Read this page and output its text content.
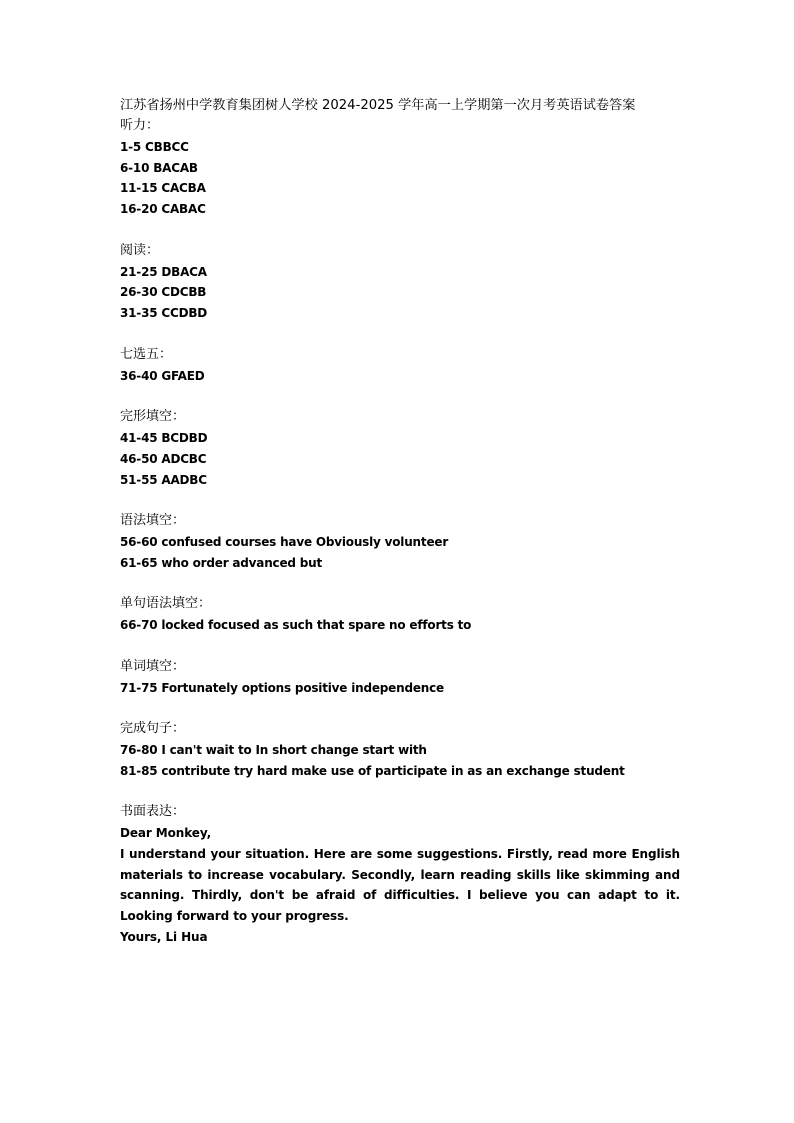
江苏省扬州中学教育集团树人学校 2024-2025 学年高一上学期第一次月考英语试卷答案

听力：

1-5 CBBCC

6-10 BACAB

11-15 CACBA

16-20 CABAC

阅读：

21-25 DBACA

26-30 CDCBB

31-35 CCDBD

七选五：

36-40 GFAED

完形填空：

41-45 BCDBD

46-50 ADCBC

51-55 AADBC

语法填空：

56-60 confused courses have Obviously volunteer

61-65 who order advanced but

单句语法填空：

66-70 locked focused as such that spare no efforts to

单词填空：

71-75 Fortunately options positive independence

完成句子：

76-80 I can't wait to In short change start with

81-85 contribute try hard make use of participate in as an exchange student

书面表达：

Dear Monkey,

I understand your situation. Here are some suggestions. Firstly, read more English materials to increase vocabulary. Secondly, learn reading skills like skimming and scanning. Thirdly, don't be afraid of difficulties. I believe you can adapt to it. Looking forward to your progress.

Yours, Li Hua
